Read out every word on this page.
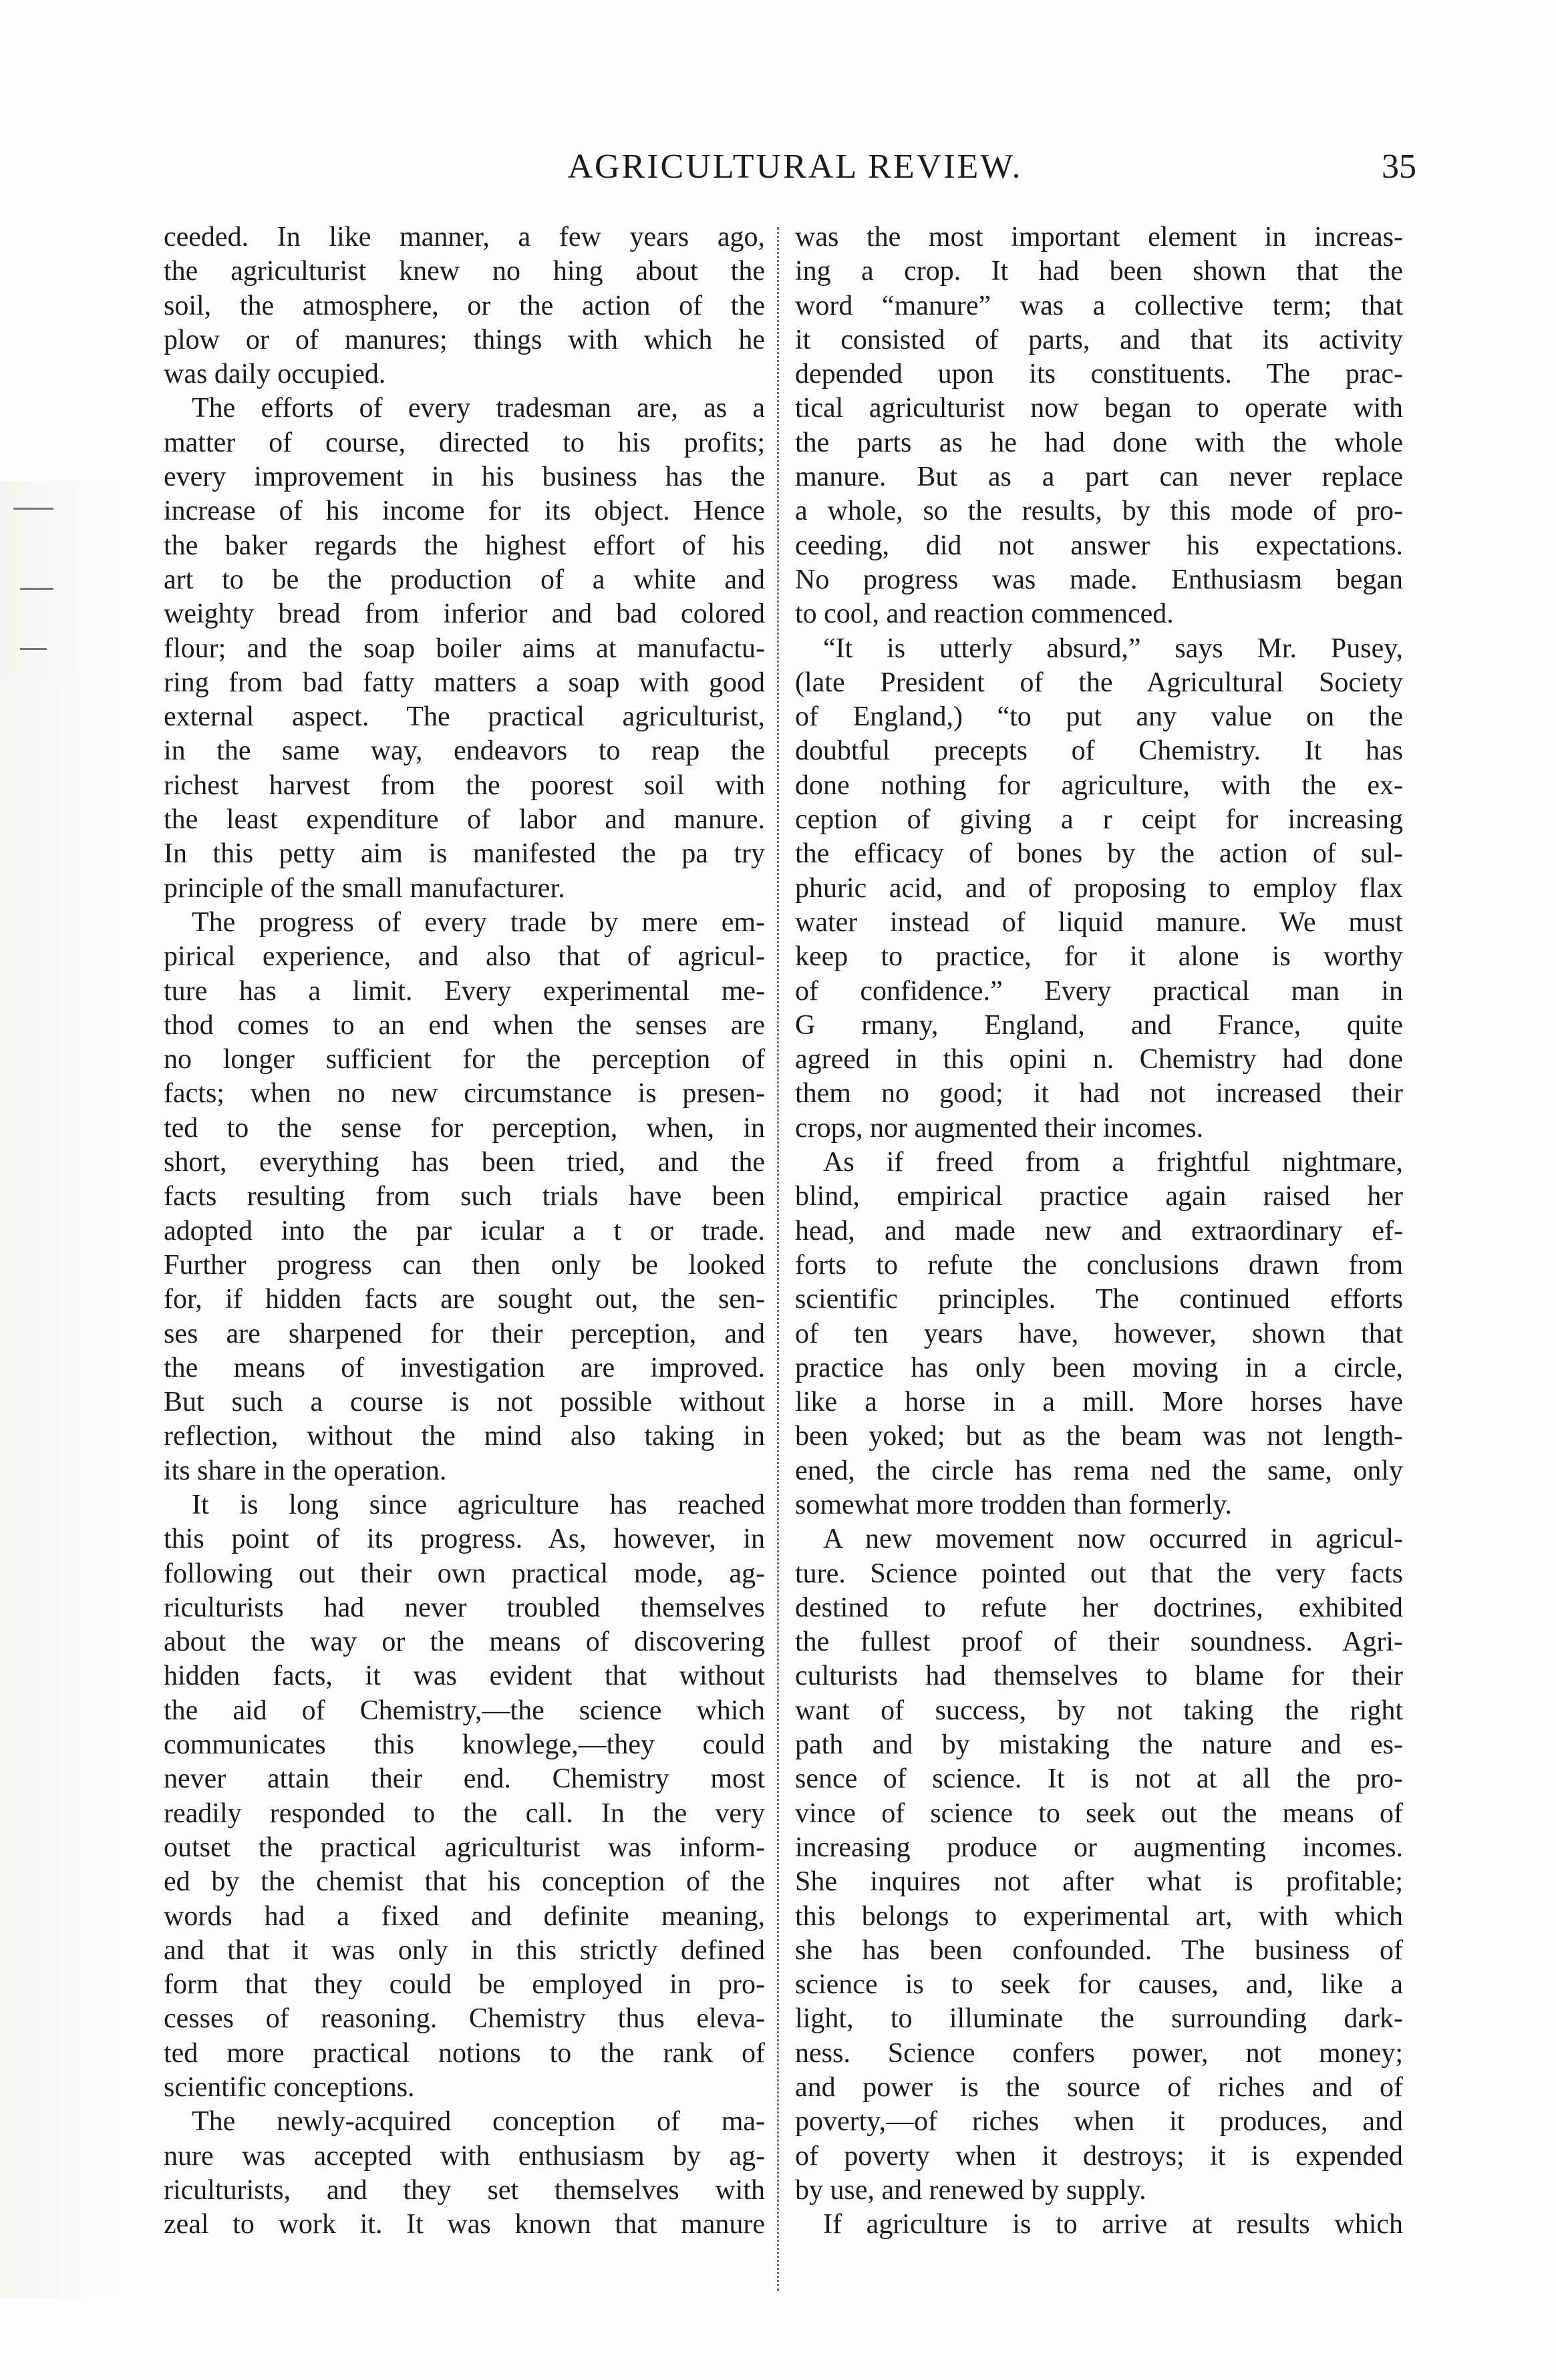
AGRICULTURAL REVIEW.	35
ceeded. In like manner, a few years ago,
the agriculturist knew no hing about the
soil, the atmosphere, or the action of the
plow or of manures; things with which he
was daily occupied.
The efforts of every tradesman are, as a
matter of course, directed to his profits;
every improvement in his business has the
increase of his income for its object. Hence
the baker regards the highest effort of his
art to be the production of a white and
weighty bread from inferior and bad colored
flour; and the soap boiler aims at manufactu-
ring from bad fatty matters a soap with good
external aspect. The practical agriculturist,
in the same way, endeavors to reap the
richest harvest from the poorest soil with
the least expenditure of labor and manure.
In this petty aim is manifested the pa try
principle of the small manufacturer.
The progress of every trade by mere em-
pirical experience, and also that of agricul-
ture has a limit. Every experimental me-
thod comes to an end when the senses are
no longer sufficient for the perception of
facts; when no new circumstance is presen-
ted to the sense for perception, when, in
short, everything has been tried, and the
facts resulting from such trials have been
adopted into the par icular a t or trade.
Further progress can then only be looked
for, if hidden facts are sought out, the sen-
ses are sharpened for their perception, and
the means of investigation are improved.
But such a course is not possible without
reflection, without the mind also taking in
its share in the operation.
It is long since agriculture has reached
this point of its progress. As, however, in
following out their own practical mode, ag-
riculturists had never troubled themselves
about the way or the means of discovering
hidden facts, it was evident that without
the aid of Chemistry,—the science which
communicates this knowlege,—they could
never attain their end. Chemistry most
readily responded to the call. In the very
outset the practical agriculturist was inform-
ed by the chemist that his conception of the
words had a fixed and definite meaning,
and that it was only in this strictly defined
form that they could be employed in pro-
cesses of reasoning. Chemistry thus eleva-
ted more practical notions to the rank of
scientific conceptions.
The newly-acquired conception of ma-
nure was accepted with enthusiasm by ag-
riculturists, and they set themselves with
zeal to work it. It was known that manure
was the most important element in increas-
ing a crop. It had been shown that the
word “manure” was a collective term; that
it consisted of parts, and that its activity
depended upon its constituents. The prac-
tical agriculturist now began to operate with
the parts as he had done with the whole
manure. But as a part can never replace
a whole, so the results, by this mode of pro-
ceeding, did not answer his expectations.
No progress was made. Enthusiasm began
to cool, and reaction commenced.
“It is utterly absurd,” says Mr. Pusey,
(late President of the Agricultural Society
of England,) “to put any value on the
doubtful precepts of Chemistry. It has
done nothing for agriculture, with the ex-
ception of giving a r ceipt for increasing
the efficacy of bones by the action of sul-
phuric acid, and of proposing to employ flax
water instead of liquid manure. We must
keep to practice, for it alone is worthy
of confidence.” Every practical man in
G rmany, England, and France, quite
agreed in this opini n. Chemistry had done
them no good; it had not increased their
crops, nor augmented their incomes.
As if freed from a frightful nightmare,
blind, empirical practice again raised her
head, and made new and extraordinary ef-
forts to refute the conclusions drawn from
scientific principles. The continued efforts
of ten years have, however, shown that
practice has only been moving in a circle,
like a horse in a mill. More horses have
been yoked; but as the beam was not length-
ened, the circle has rema ned the same, only
somewhat more trodden than formerly.
A new movement now occurred in agricul-
ture. Science pointed out that the very facts
destined to refute her doctrines, exhibited
the fullest proof of their soundness. Agri-
culturists had themselves to blame for their
want of success, by not taking the right
path and by mistaking the nature and es-
sence of science. It is not at all the pro-
vince of science to seek out the means of
increasing produce or augmenting incomes.
She inquires not after what is profitable;
this belongs to experimental art, with which
she has been confounded. The business of
science is to seek for causes, and, like a
light, to illuminate the surrounding dark-
ness. Science confers power, not money;
and power is the source of riches and of
poverty,—of riches when it produces, and
of poverty when it destroys; it is expended
by use, and renewed by supply.
If agriculture is to arrive at results which
